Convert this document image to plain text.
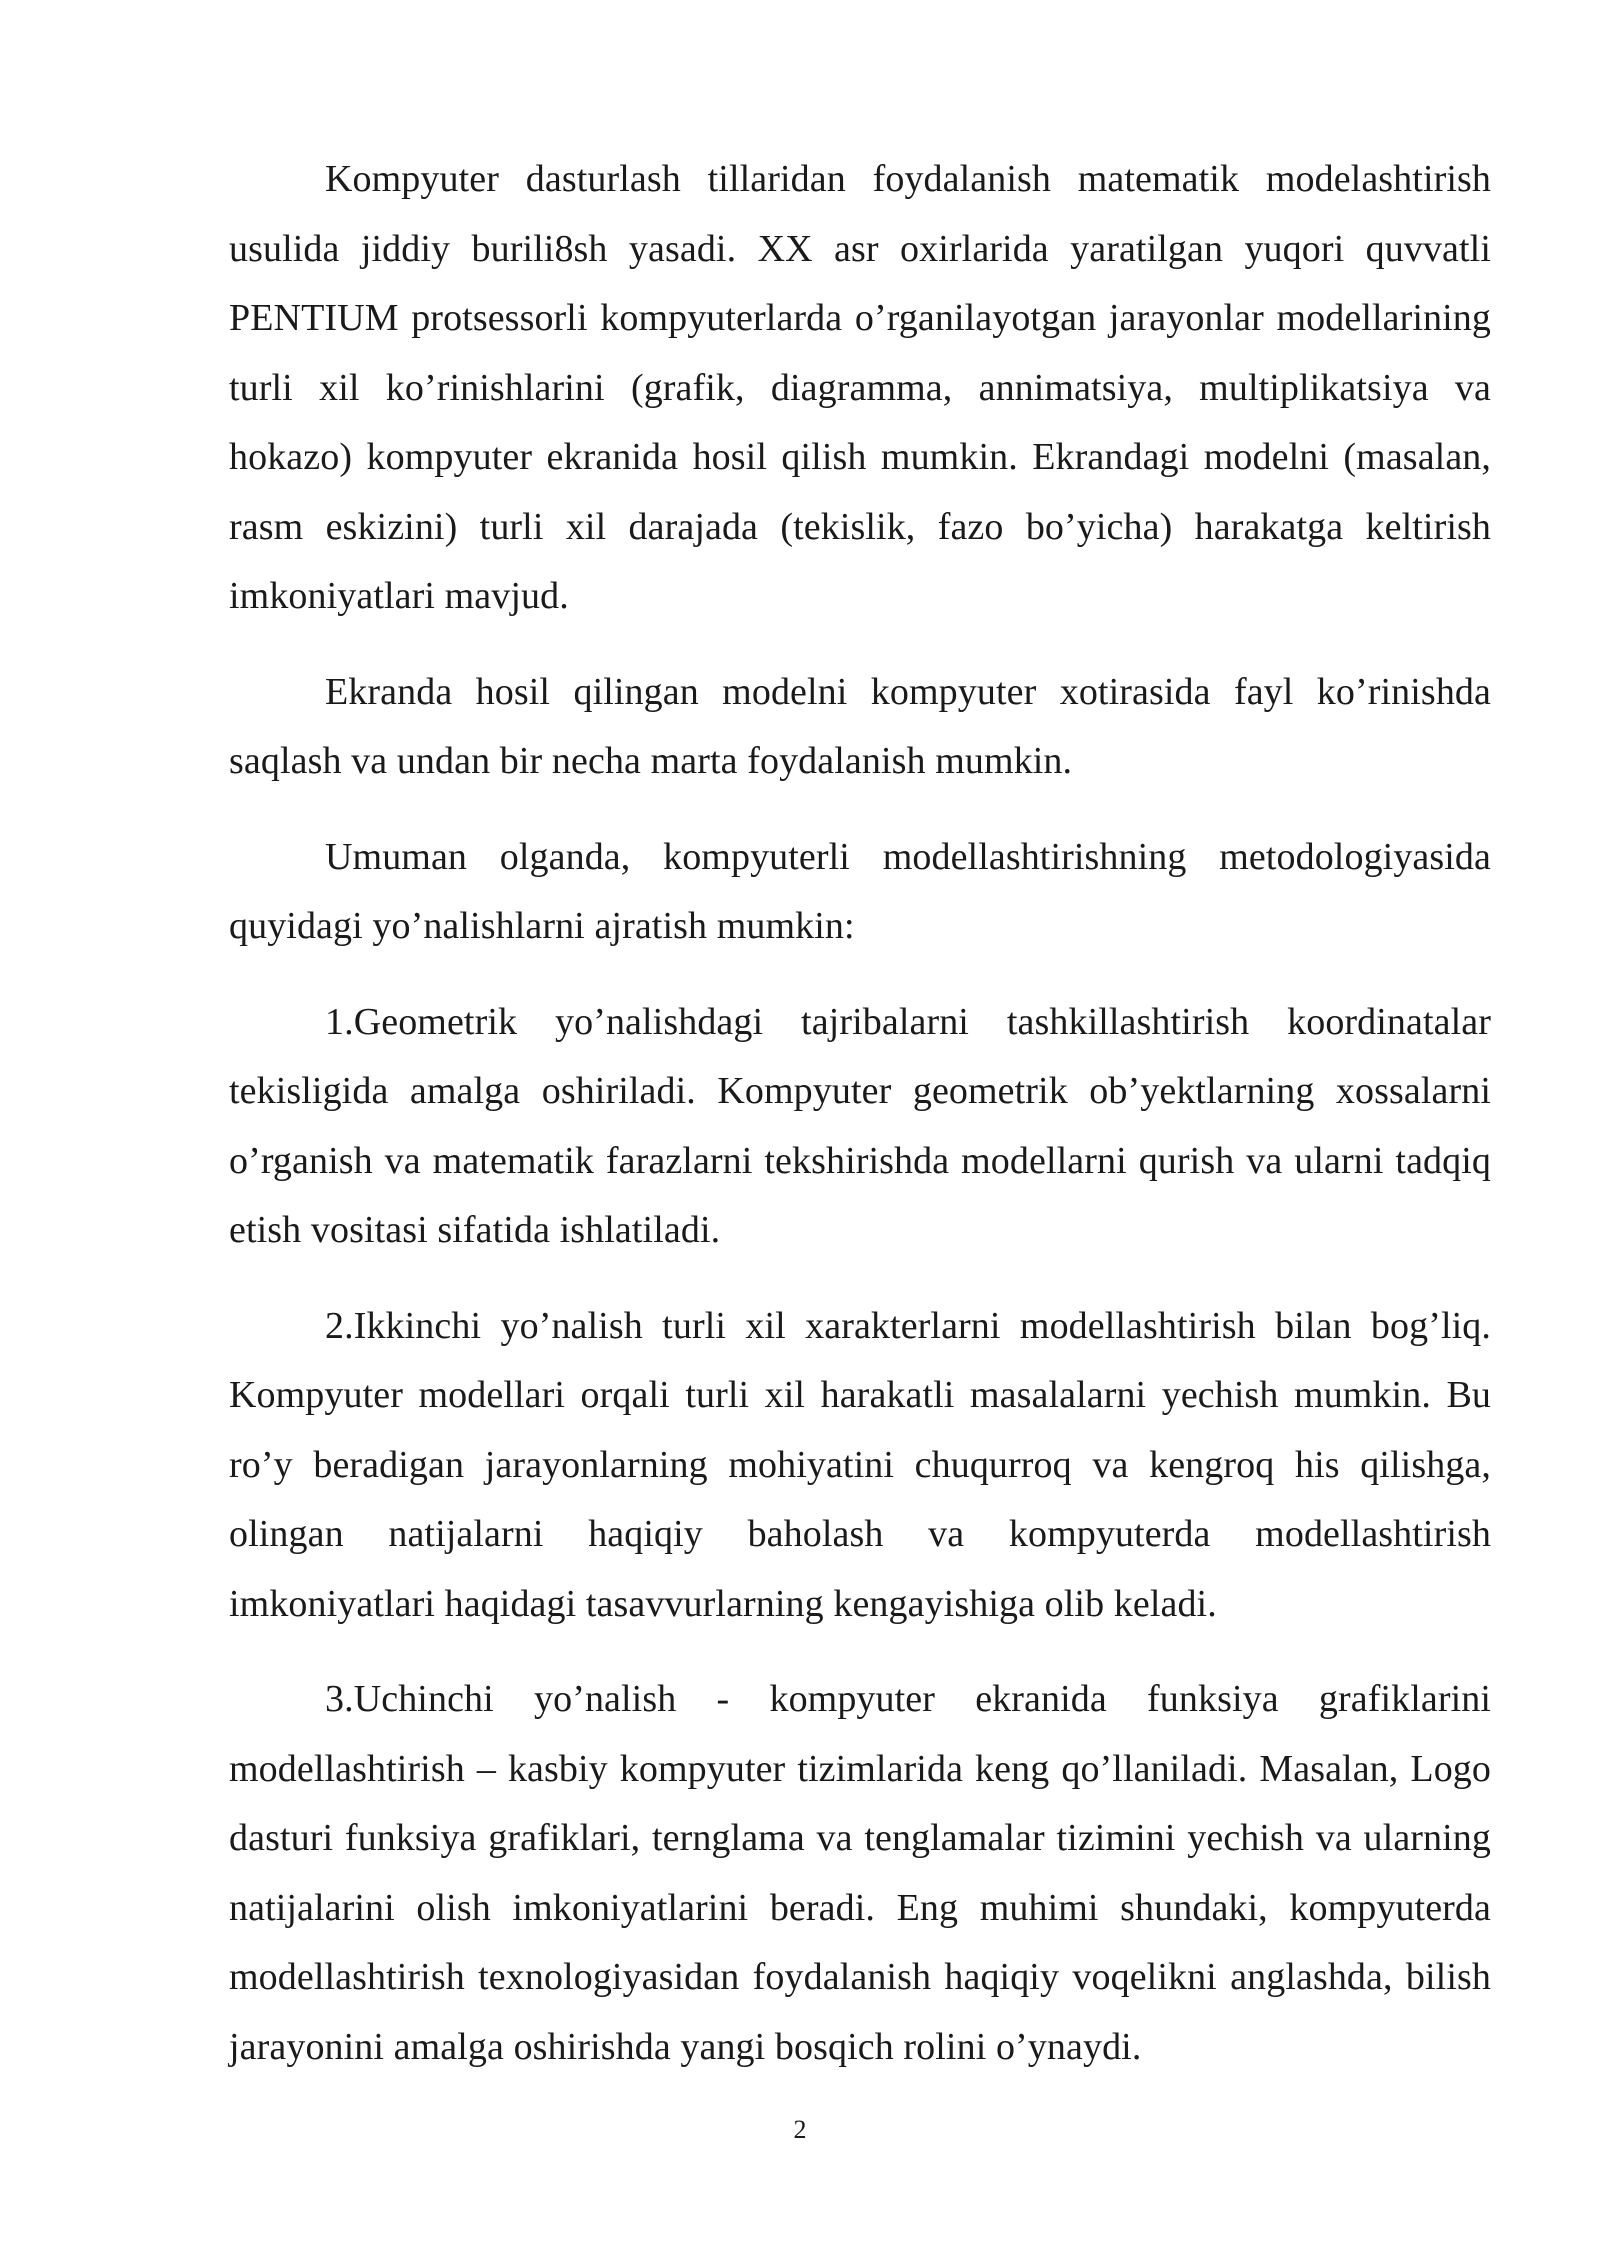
Kompyuter dasturlash tillaridan foydalanish matematik modelashtirish usulida jiddiy burili8sh yasadi. XX asr oxirlarida yaratilgan yuqori quvvatli PENTIUM protsessorli kompyuterlarda o’rganilayotgan jarayonlar modellarining turli xil ko’rinishlarini (grafik, diagramma, annimatsiya, multiplikatsiya va hokazo) kompyuter ekranida hosil qilish mumkin. Ekrandagi modelni (masalan, rasm eskizini) turli xil darajada (tekislik, fazo bo’yicha) harakatga keltirish imkoniyatlari mavjud.

Ekranda hosil qilingan modelni kompyuter xotirasida fayl ko’rinishda saqlash va undan bir necha marta foydalanish mumkin.

Umuman olganda, kompyuterli modellashtirishning metodologiyasida quyidagi yo’nalishlarni ajratish mumkin:

1.Geometrik yo’nalishdagi tajribalarni tashkillashtirish koordinatalar tekisligida amalga oshiriladi. Kompyuter geometrik ob’yektlarning xossalarni o’rganish va matematik farazlarni tekshirishda modellarni qurish va ularni tadqiq etish vositasi sifatida ishlatiladi.

2.Ikkinchi yo’nalish turli xil xarakterlarni modellashtirish bilan bog’liq. Kompyuter modellari orqali turli xil harakatli masalalarni yechish mumkin. Bu ro’y beradigan jarayonlarning mohiyatini chuqurroq va kengroq his qilishga, olingan natijalarni haqiqiy baholash va kompyuterda modellashtirish imkoniyatlari haqidagi tasavvurlarning kengayishiga olib keladi.

3.Uchinchi yo’nalish - kompyuter ekranida funksiya grafiklarini modellashtirish – kasbiy kompyuter tizimlarida keng qo’llaniladi. Masalan, Logo dasturi funksiya grafiklari, ternglama va tenglamalar tizimini yechish va ularning natijalarini olish imkoniyatlarini beradi. Eng muhimi shundaki, kompyuterda modellashtirish texnologiyasidan foydalanish haqiqiy voqelikni anglashda, bilish jarayonini amalga oshirishda yangi bosqich rolini o’ynaydi.

2
